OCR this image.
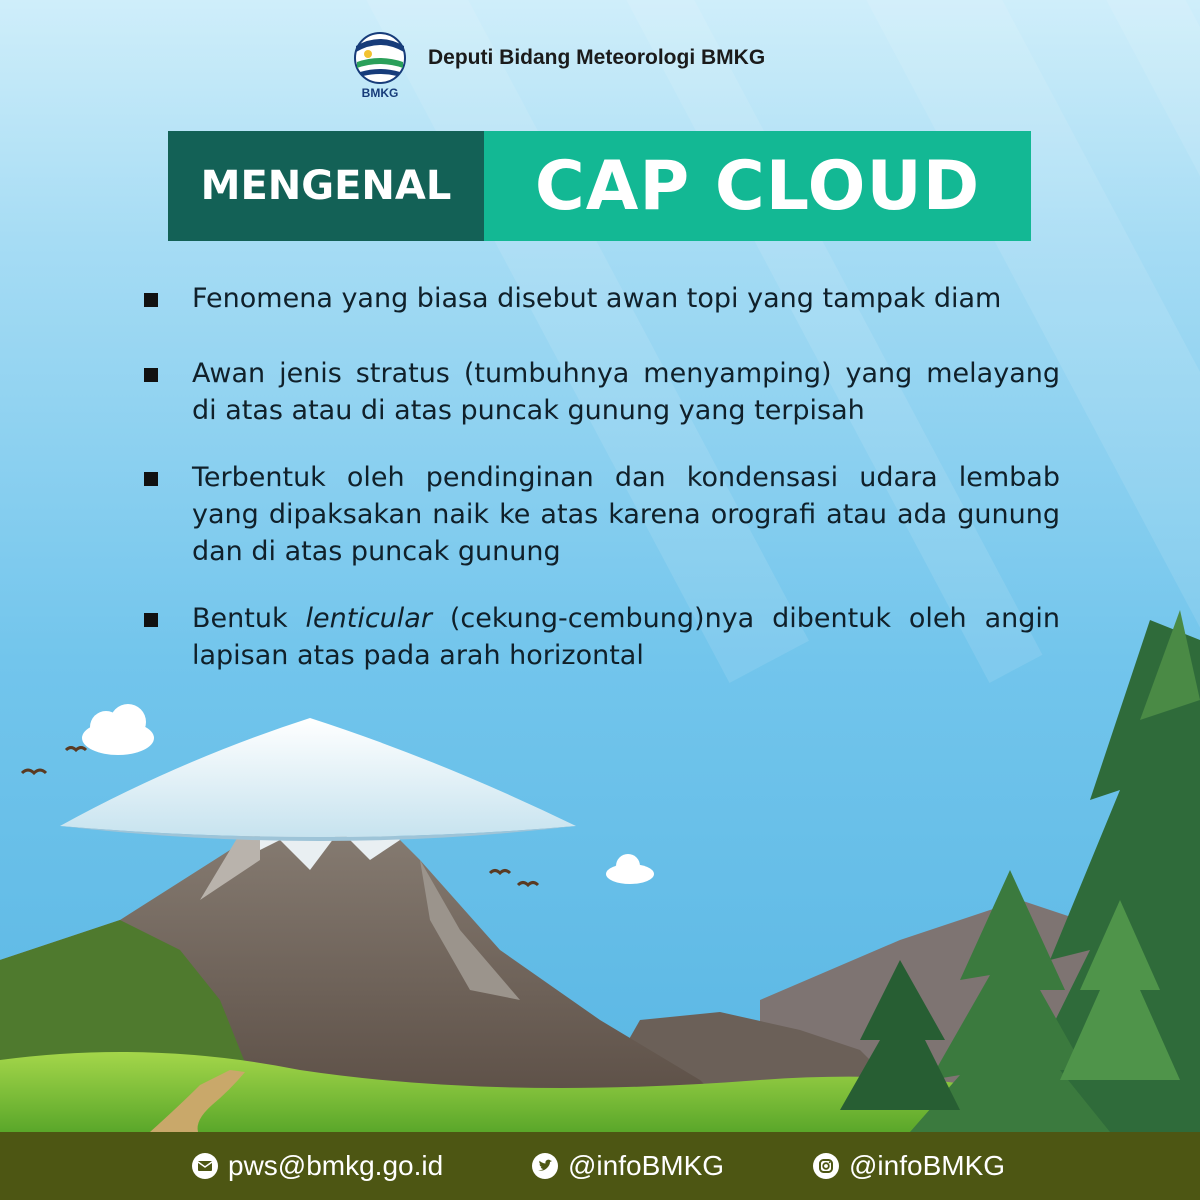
BMKG
Deputi Bidang Meteorologi BMKG
MENGENAL	CAP CLOUD
Fenomena yang biasa disebut awan topi yang tampak diam
Awan jenis stratus (tumbuhnya menyamping) yang melayang di atas atau di atas puncak gunung yang terpisah
Terbentuk oleh pendinginan dan kondensasi udara lembab yang dipaksakan naik ke atas karena orografi atau ada gunung dan di atas puncak gunung
Bentuk lenticular (cekung-cembung)nya dibentuk oleh angin lapisan atas pada arah horizontal
pws@bmkg.go.id	@infoBMKG	@infoBMKG
